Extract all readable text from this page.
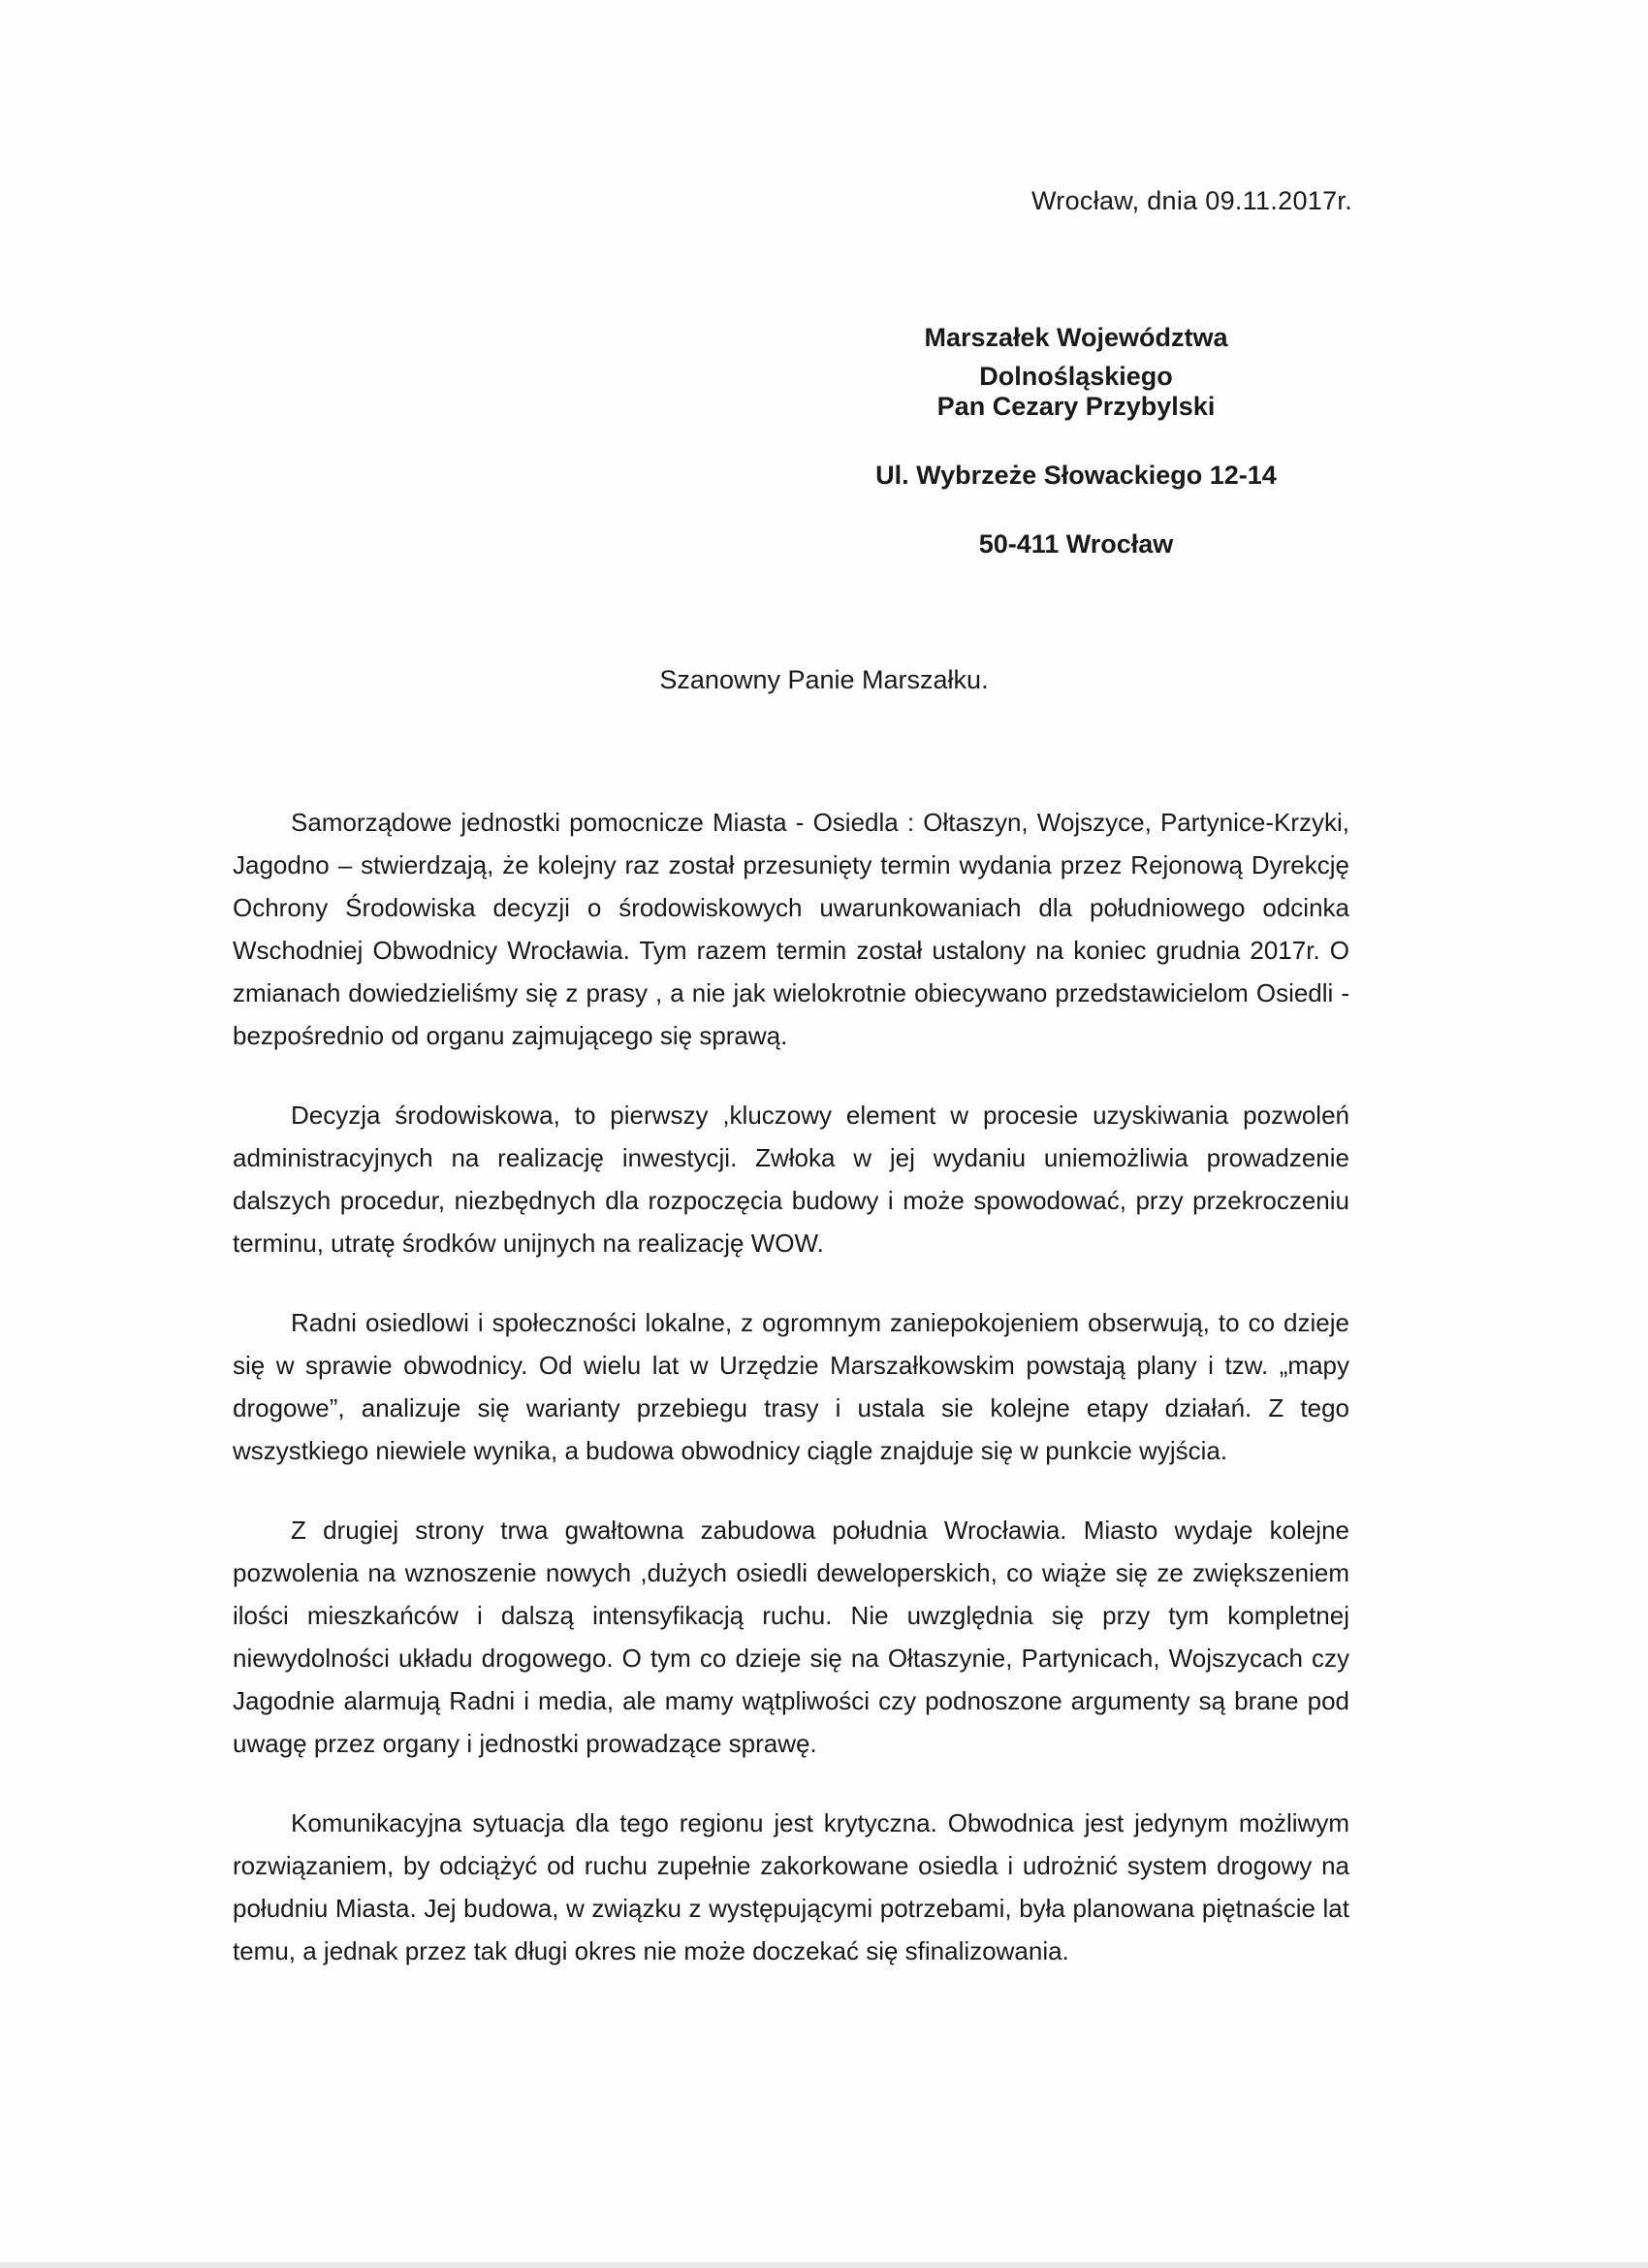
Wrocław, dnia 09.11.2017r.
Marszałek Województwa Dolnośląskiego
Pan Cezary Przybylski
Ul. Wybrzeże Słowackiego 12-14
50-411 Wrocław
Szanowny Panie Marszałku.

Samorządowe jednostki pomocnicze Miasta - Osiedla : Ołtaszyn, Wojszyce, Partynice-Krzyki, Jagodno – stwierdzają, że kolejny raz został przesunięty termin wydania przez Rejonową Dyrekcję Ochrony Środowiska decyzji o środowiskowych uwarunkowaniach dla południowego odcinka Wschodniej Obwodnicy Wrocławia. Tym razem termin został ustalony na koniec grudnia 2017r. O zmianach dowiedzieliśmy się z prasy , a nie jak wielokrotnie obiecywano przedstawicielom Osiedli - bezpośrednio od organu zajmującego się sprawą.

Decyzja środowiskowa, to pierwszy ,kluczowy element w procesie uzyskiwania pozwoleń administracyjnych na realizację inwestycji. Zwłoka w jej wydaniu uniemożliwia prowadzenie dalszych procedur, niezbędnych dla rozpoczęcia budowy i może spowodować, przy przekroczeniu terminu, utratę środków unijnych na realizację WOW.

Radni osiedlowi i społeczności lokalne, z ogromnym zaniepokojeniem obserwują, to co dzieje się w sprawie obwodnicy. Od wielu lat w Urzędzie Marszałkowskim powstają plany i tzw. „mapy drogowe”, analizuje się warianty przebiegu trasy i ustala sie kolejne etapy działań. Z tego wszystkiego niewiele wynika, a budowa obwodnicy ciągle znajduje się w punkcie wyjścia.

Z drugiej strony trwa gwałtowna zabudowa południa Wrocławia. Miasto wydaje kolejne pozwolenia na wznoszenie nowych ,dużych osiedli deweloperskich, co wiąże się ze zwiększeniem ilości mieszkańców i dalszą intensyfikacją ruchu. Nie uwzględnia się przy tym kompletnej niewydolności układu drogowego. O tym co dzieje się na Ołtaszynie, Partynicach, Wojszycach czy Jagodnie alarmują Radni i media, ale mamy wątpliwości czy podnoszone argumenty są brane pod uwagę przez organy i jednostki prowadzące sprawę.

Komunikacyjna sytuacja dla tego regionu jest krytyczna. Obwodnica jest jedynym możliwym rozwiązaniem, by odciążyć od ruchu zupełnie zakorkowane osiedla i udrożnić system drogowy na południu Miasta. Jej budowa, w związku z występującymi potrzebami, była planowana piętnaście lat temu, a jednak przez tak długi okres nie może doczekać się sfinalizowania.
